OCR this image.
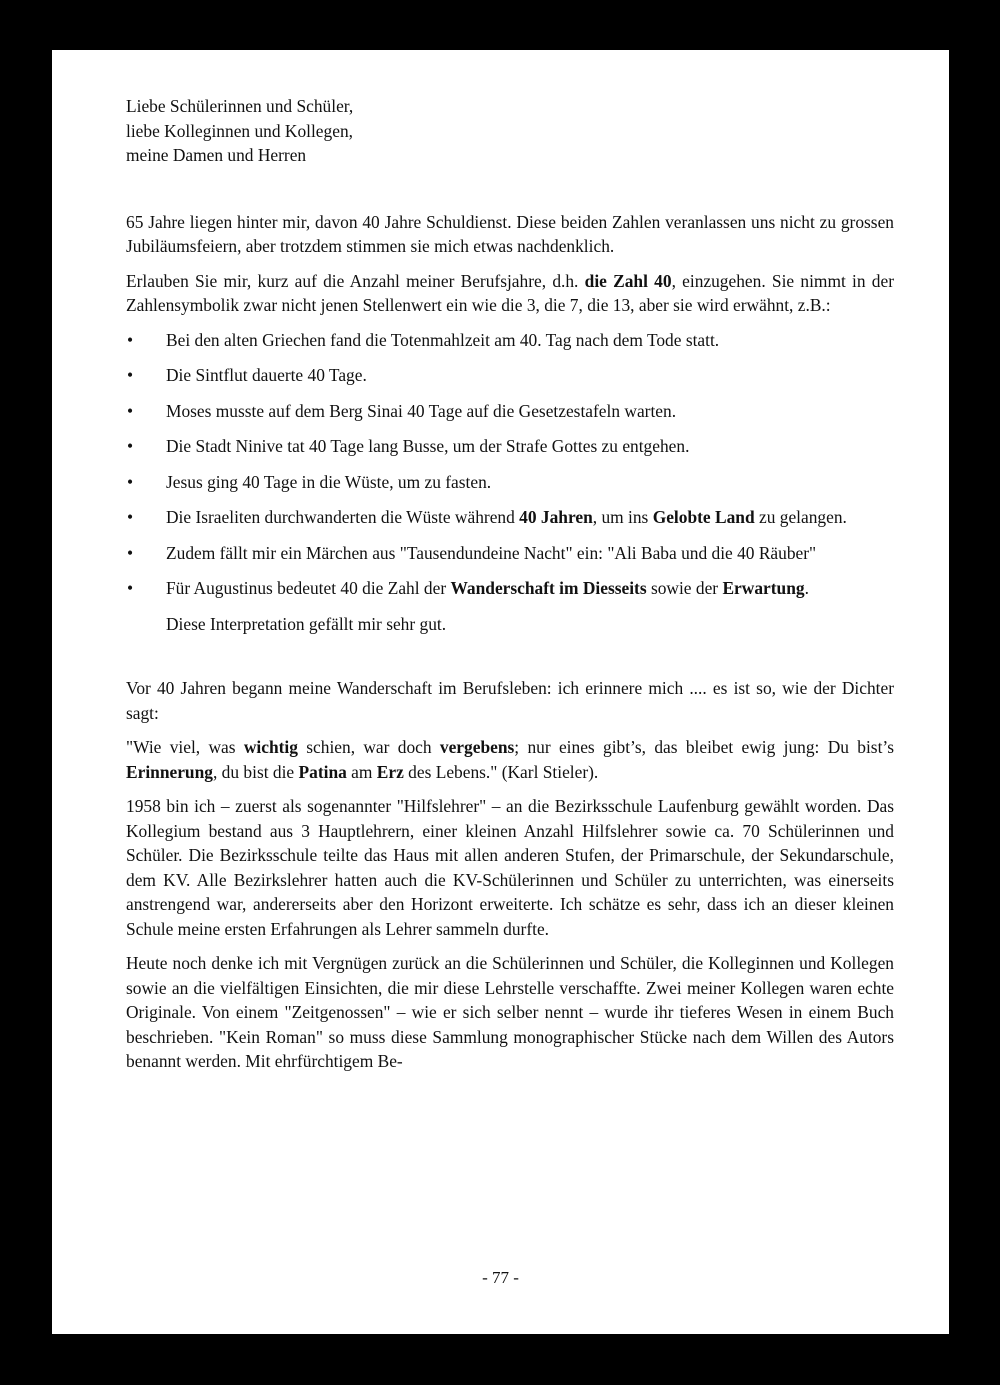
Liebe Schülerinnen und Schüler,

liebe Kolleginnen und Kollegen,

meine Damen und Herren

65 Jahre liegen hinter mir, davon 40 Jahre Schuldienst. Diese beiden Zahlen veranlassen uns nicht zu grossen Jubiläumsfeiern, aber trotzdem stimmen sie mich etwas nachdenklich.

Erlauben Sie mir, kurz auf die Anzahl meiner Berufsjahre, d.h. die Zahl 40, einzugehen. Sie nimmt in der Zahlensymbolik zwar nicht jenen Stellenwert ein wie die 3, die 7, die 13, aber sie wird erwähnt, z.B.:

• Bei den alten Griechen fand die Totenmahlzeit am 40. Tag nach dem Tode statt.
• Die Sintflut dauerte 40 Tage.
• Moses musste auf dem Berg Sinai 40 Tage auf die Gesetzestafeln warten.
• Die Stadt Ninive tat 40 Tage lang Busse, um der Strafe Gottes zu entgehen.
• Jesus ging 40 Tage in die Wüste, um zu fasten.
• Die Israeliten durchwanderten die Wüste während 40 Jahren, um ins Gelobte Land zu gelangen.
• Zudem fällt mir ein Märchen aus "Tausendundeine Nacht" ein: "Ali Baba und die 40 Räuber"
• Für Augustinus bedeutet 40 die Zahl der Wanderschaft im Diesseits sowie der Erwartung.

Diese Interpretation gefällt mir sehr gut.

Vor 40 Jahren begann meine Wanderschaft im Berufsleben: ich erinnere mich .... es ist so, wie der Dichter sagt:

"Wie viel, was wichtig schien, war doch vergebens; nur eines gibt’s, das bleibet ewig jung: Du bist’s Erinnerung, du bist die Patina am Erz des Lebens." (Karl Stieler).

1958 bin ich – zuerst als sogenannter "Hilfslehrer" – an die Bezirksschule Laufenburg gewählt worden. Das Kollegium bestand aus 3 Hauptlehrern, einer kleinen Anzahl Hilfslehrer sowie ca. 70 Schülerinnen und Schüler. Die Bezirksschule teilte das Haus mit allen anderen Stufen, der Primarschule, der Sekundarschule, dem KV. Alle Bezirkslehrer hatten auch die KV-Schülerinnen und Schüler zu unterrichten, was einerseits anstrengend war, andererseits aber den Horizont erweiterte. Ich schätze es sehr, dass ich an dieser kleinen Schule meine ersten Erfahrungen als Lehrer sammeln durfte.

Heute noch denke ich mit Vergnügen zurück an die Schülerinnen und Schüler, die Kolleginnen und Kollegen sowie an die vielfältigen Einsichten, die mir diese Lehrstelle verschaffte. Zwei meiner Kollegen waren echte Originale. Von einem "Zeitgenossen" – wie er sich selber nennt – wurde ihr tieferes Wesen in einem Buch beschrieben. "Kein Roman" so muss diese Sammlung monographischer Stücke nach dem Willen des Autors benannt werden. Mit ehrfürchtigem Be-

- 77 -
